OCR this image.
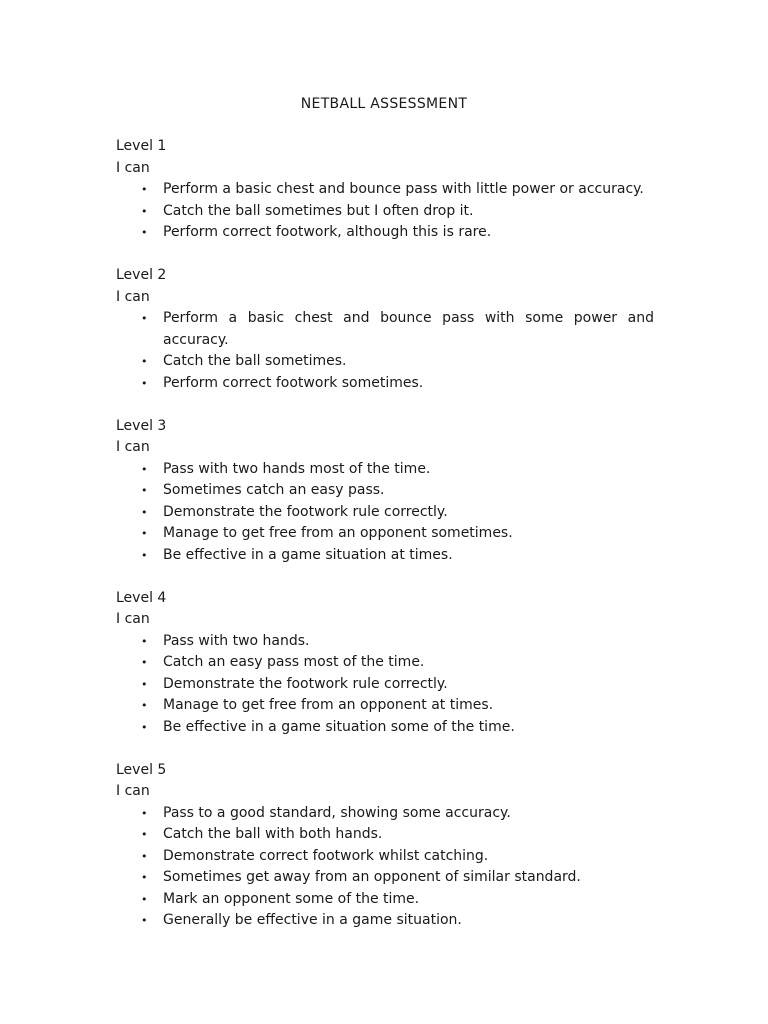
NETBALL ASSESSMENT
Level 1
I can
• Perform a basic chest and bounce pass with little power or accuracy.
• Catch the ball sometimes but I often drop it.
• Perform correct footwork, although this is rare.
Level 2
I can
• Perform a basic chest and bounce pass with some power and accuracy.
• Catch the ball sometimes.
• Perform correct footwork sometimes.
Level 3
I can
• Pass with two hands most of the time.
• Sometimes catch an easy pass.
• Demonstrate the footwork rule correctly.
• Manage to get free from an opponent sometimes.
• Be effective in a game situation at times.
Level 4
I can
• Pass with two hands.
• Catch an easy pass most of the time.
• Demonstrate the footwork rule correctly.
• Manage to get free from an opponent at times.
• Be effective in a game situation some of the time.
Level 5
I can
• Pass to a good standard, showing some accuracy.
• Catch the ball with both hands.
• Demonstrate correct footwork whilst catching.
• Sometimes get away from an opponent of similar standard.
• Mark an opponent some of the time.
• Generally be effective in a game situation.
